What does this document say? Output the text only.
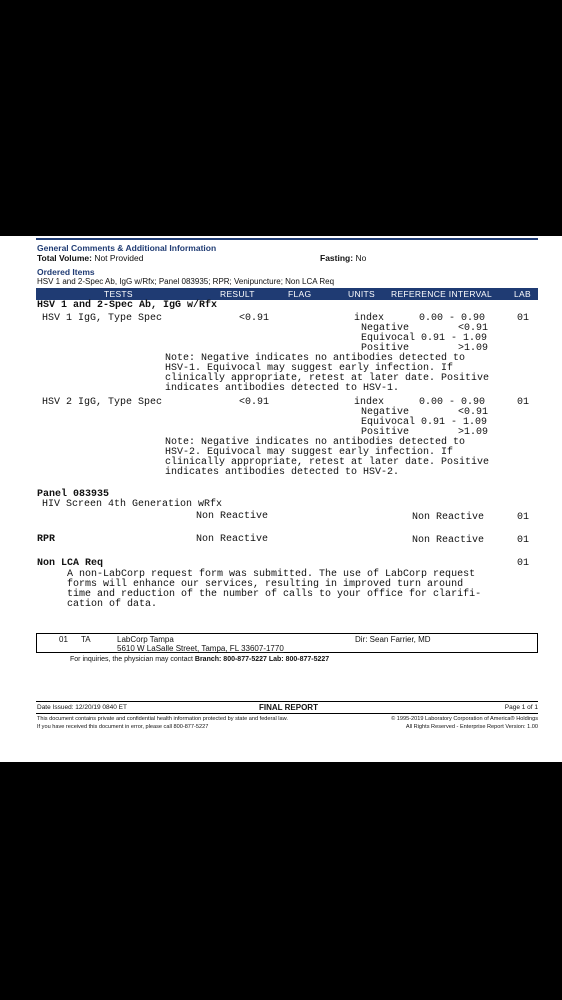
General Comments & Additional Information
Total Volume: Not Provided	Fasting: No
Ordered Items
HSV 1 and 2-Spec Ab, IgG w/Rfx; Panel 083935; RPR; Venipuncture; Non LCA Req
TESTS	RESULT	FLAG	UNITS REFERENCE INTERVAL	LAB
HSV 1 and 2-Spec Ab, IgG w/Rfx
HSV 1 IgG, Type Spec	<0.91	index	0.00 - 0.90	01
Negative	<0.91
Equivocal 0.91 - 1.09
Positive	>1.09
Note: Negative indicates no antibodies detected to
HSV-1. Equivocal may suggest early infection. If
clinically appropriate, retest at later date. Positive
indicates antibodies detected to HSV-1.
HSV 2 IgG, Type Spec	<0.91	index	0.00 - 0.90	01
Negative	<0.91
Equivocal 0.91 - 1.09
Positive	>1.09
Note: Negative indicates no antibodies detected to
HSV-2. Equivocal may suggest early infection. If
clinically appropriate, retest at later date. Positive
indicates antibodies detected to HSV-2.
Panel 083935
HIV Screen 4th Generation wRfx
Non Reactive	Non Reactive	01
RPR	Non Reactive	Non Reactive	01
Non LCA Req	01
A non-LabCorp request form was submitted. The use of LabCorp request
forms will enhance our services, resulting in improved turn around
time and reduction of the number of calls to your office for clarifi-
cation of data.
01 TA	LabCorp Tampa
5610 W LaSalle Street, Tampa, FL 33607-1770
Dir: Sean Farrier, MD
For inquiries, the physician may contact Branch: 800-877-5227 Lab: 800-877-5227
Date Issued: 12/20/19 0840 ET	FINAL REPORT	Page 1 of 1
This document contains private and confidential health information protected by state and federal law.
If you have received this document in error, please call 800-877-5227
© 1995-2019 Laboratory Corporation of America® Holdings
All Rights Reserved - Enterprise Report Version: 1.00
